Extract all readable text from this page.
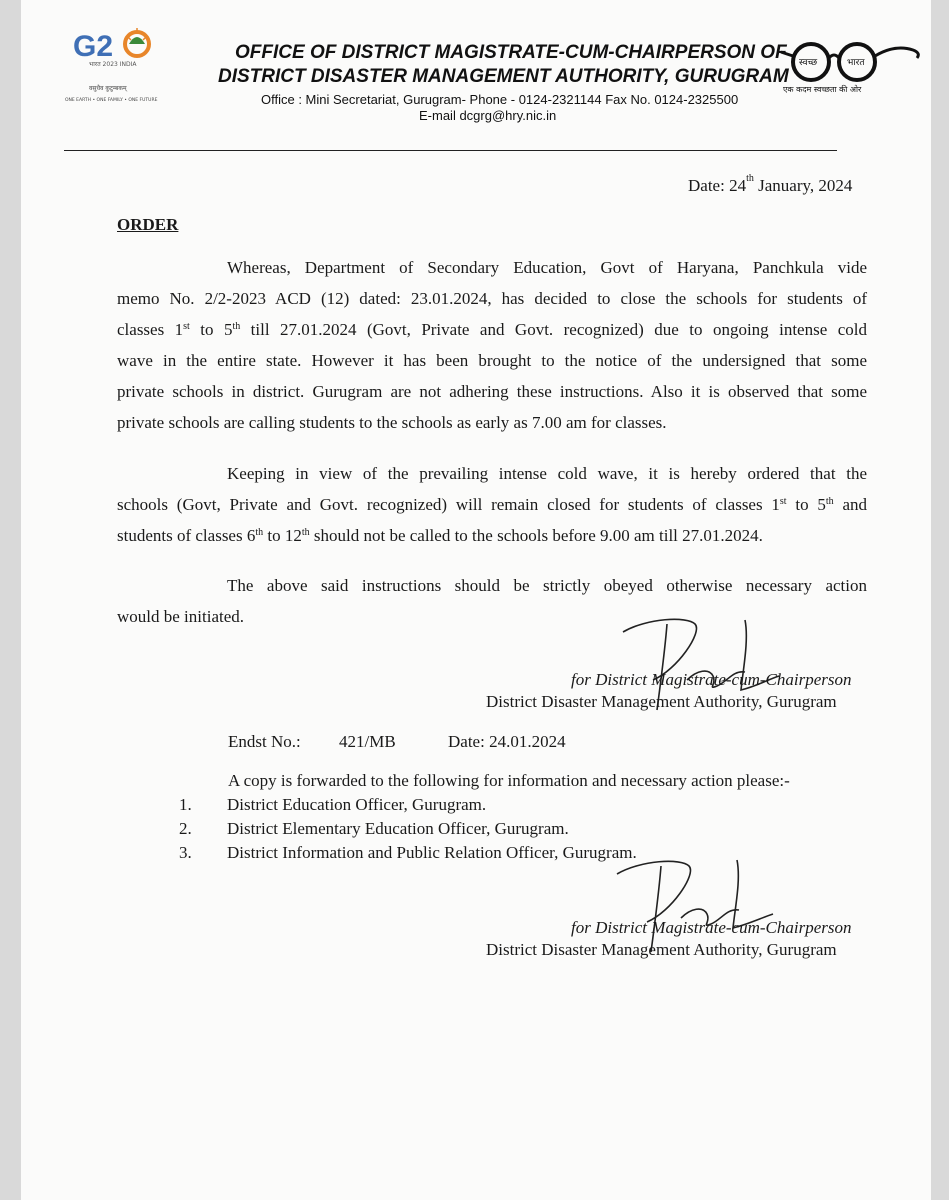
G2
भारत 2023 INDIA
वसुधैव कुटुम्बकम्
ONE EARTH • ONE FAMILY • ONE FUTURE
OFFICE OF DISTRICT MAGISTRATE-CUM-CHAIRPERSON OF
DISTRICT DISASTER MANAGEMENT AUTHORITY, GURUGRAM
Office : Mini Secretariat, Gurugram- Phone - 0124-2321144 Fax No. 0124-2325500
E-mail dcgrg@hry.nic.in
स्वच्छ	भारत
एक कदम स्वच्छता की ओर
Date: 24th January, 2024
ORDER
Whereas, Department of Secondary Education, Govt of Haryana, Panchkula vide
memo No. 2/2-2023 ACD (12) dated: 23.01.2024, has decided to close the schools for students of
classes 1st to 5th till 27.01.2024 (Govt, Private and Govt. recognized) due to ongoing intense cold
wave in the entire state. However it has been brought to the notice of the undersigned that some
private schools in district. Gurugram are not adhering these instructions. Also it is observed that some
private schools are calling students to the schools as early as 7.00 am for classes.
Keeping in view of the prevailing intense cold wave, it is hereby ordered that the
schools (Govt, Private and Govt. recognized) will remain closed for students of classes 1st to 5th and
students of classes 6th to 12th should not be called to the schools before 9.00 am till 27.01.2024.
The above said instructions should be strictly obeyed otherwise necessary action
would be initiated.
for District Magistrate-cum-Chairperson
District Disaster Management Authority, Gurugram
Endst No.: 421/MB	Date: 24.01.2024
A copy is forwarded to the following for information and necessary action please:-
1. District Education Officer, Gurugram.
2. District Elementary Education Officer, Gurugram.
3. District Information and Public Relation Officer, Gurugram.
for District Magistrate-cum-Chairperson
District Disaster Management Authority, Gurugram
